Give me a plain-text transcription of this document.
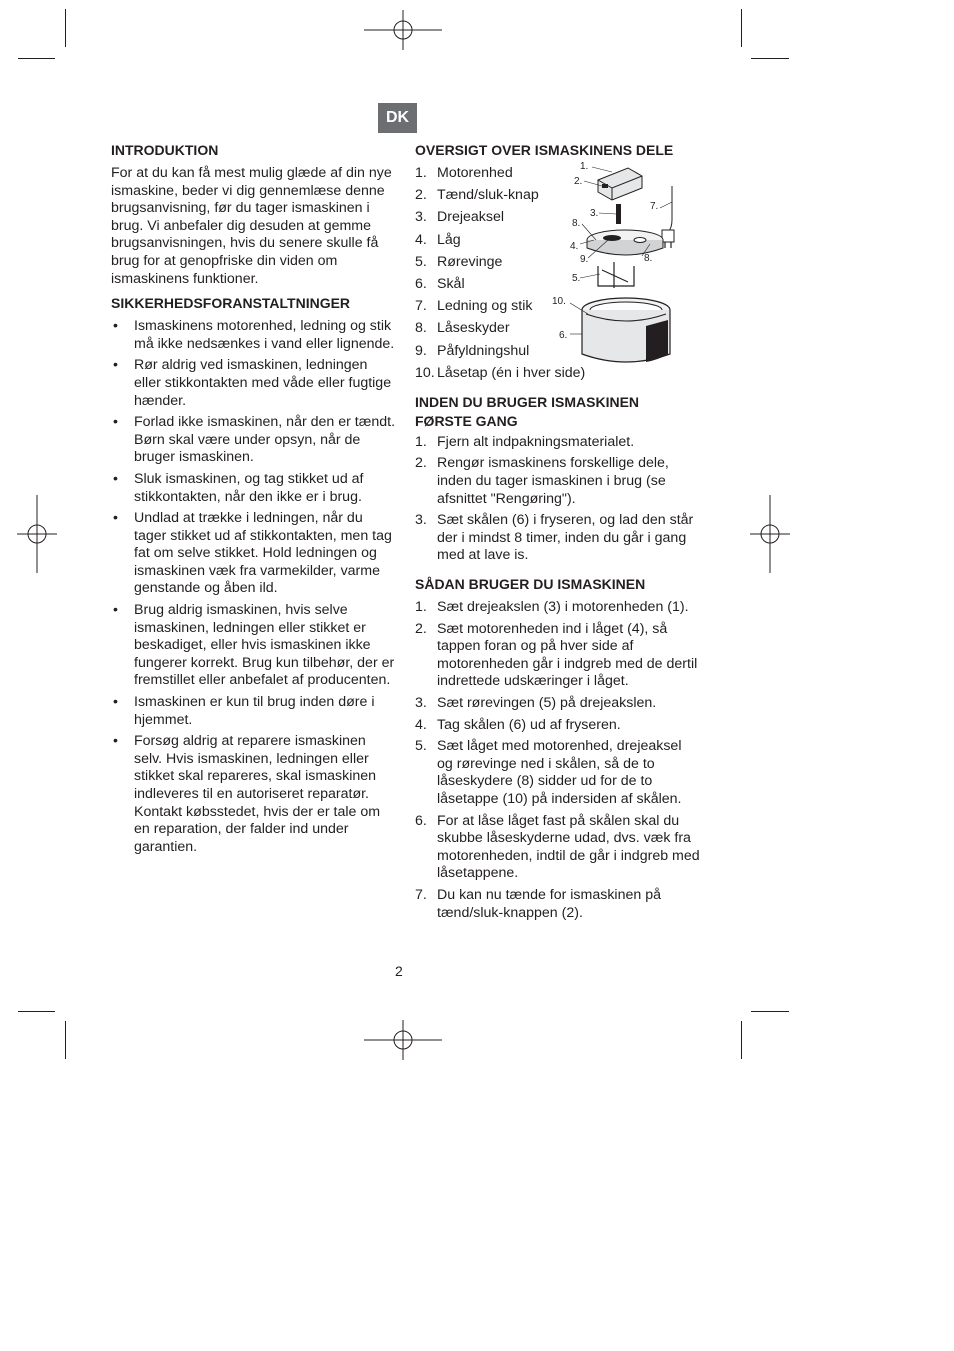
DK
INTRODUKTION

For at du kan få mest mulig glæde af din nye ismaskine, beder vi dig gennemlæse denne brugsanvisning, før du tager ismaskinen i brug. Vi anbefaler dig desuden at gemme brugsanvisningen, hvis du senere skulle få brug for at genopfriske din viden om ismaskinens funktioner.

SIKKERHEDSFORANSTALTNINGER
• Ismaskinens motorenhed, ledning og stik må ikke nedsænkes i vand eller lignende.
• Rør aldrig ved ismaskinen, ledningen eller stikkontakten med våde eller fugtige hænder.
• Forlad ikke ismaskinen, når den er tændt. Børn skal være under opsyn, når de bruger ismaskinen.
• Sluk ismaskinen, og tag stikket ud af stikkontakten, når den ikke er i brug.
• Undlad at trække i ledningen, når du tager stikket ud af stikkontakten, men tag fat om selve stikket. Hold ledningen og ismaskinen væk fra varmekilder, varme genstande og åben ild.
• Brug aldrig ismaskinen, hvis selve ismaskinen, ledningen eller stikket er beskadiget, eller hvis ismaskinen ikke fungerer korrekt. Brug kun tilbehør, der er fremstillet eller anbefalet af producenten.
• Ismaskinen er kun til brug inden døre i hjemmet.
• Forsøg aldrig at reparere ismaskinen selv. Hvis ismaskinen, ledningen eller stikket skal repareres, skal ismaskinen indleveres til en autoriseret reparatør. Kontakt købsstedet, hvis der er tale om en reparation, der falder ind under garantien.
OVERSIGT OVER ISMASKINENS DELE
1. Motorenhed
2. Tænd/sluk-knap
3. Drejeaksel
4. Låg
5. Rørevinge
6. Skål
7. Ledning og stik
8. Låseskyder
9. Påfyldningshul
10. Låsetap (én i hver side)
INDEN DU BRUGER ISMASKINEN
FØRSTE GANG
1. Fjern alt indpakningsmaterialet.
2. Rengør ismaskinens forskellige dele, inden du tager ismaskinen i brug (se afsnittet "Rengøring").
3. Sæt skålen (6) i fryseren, og lad den står der i mindst 8 timer, inden du går i gang med at lave is.
SÅDAN BRUGER DU ISMASKINEN
1. Sæt drejeakslen (3) i motorenheden (1).
2. Sæt motorenheden ind i låget (4), så tappen foran og på hver side af motorenheden går i indgreb med de dertil indrettede udskæringer i låget.
3. Sæt rørevingen (5) på drejeakslen.
4. Tag skålen (6) ud af fryseren.
5. Sæt låget med motorenhed, drejeaksel og rørevinge ned i skålen, så de to låseskydere (8) sidder ud for de to låsetappe (10) på indersiden af skålen.
6. For at låse låget fast på skålen skal du skubbe låseskyderne udad, dvs. væk fra motorenheden, indtil de går i indgreb med låsetappene.
7. Du kan nu tænde for ismaskinen på tænd/sluk-knappen (2).
1.
2.
3.
4.
5.
6.
7.
8.
9.
10.
8.
2
